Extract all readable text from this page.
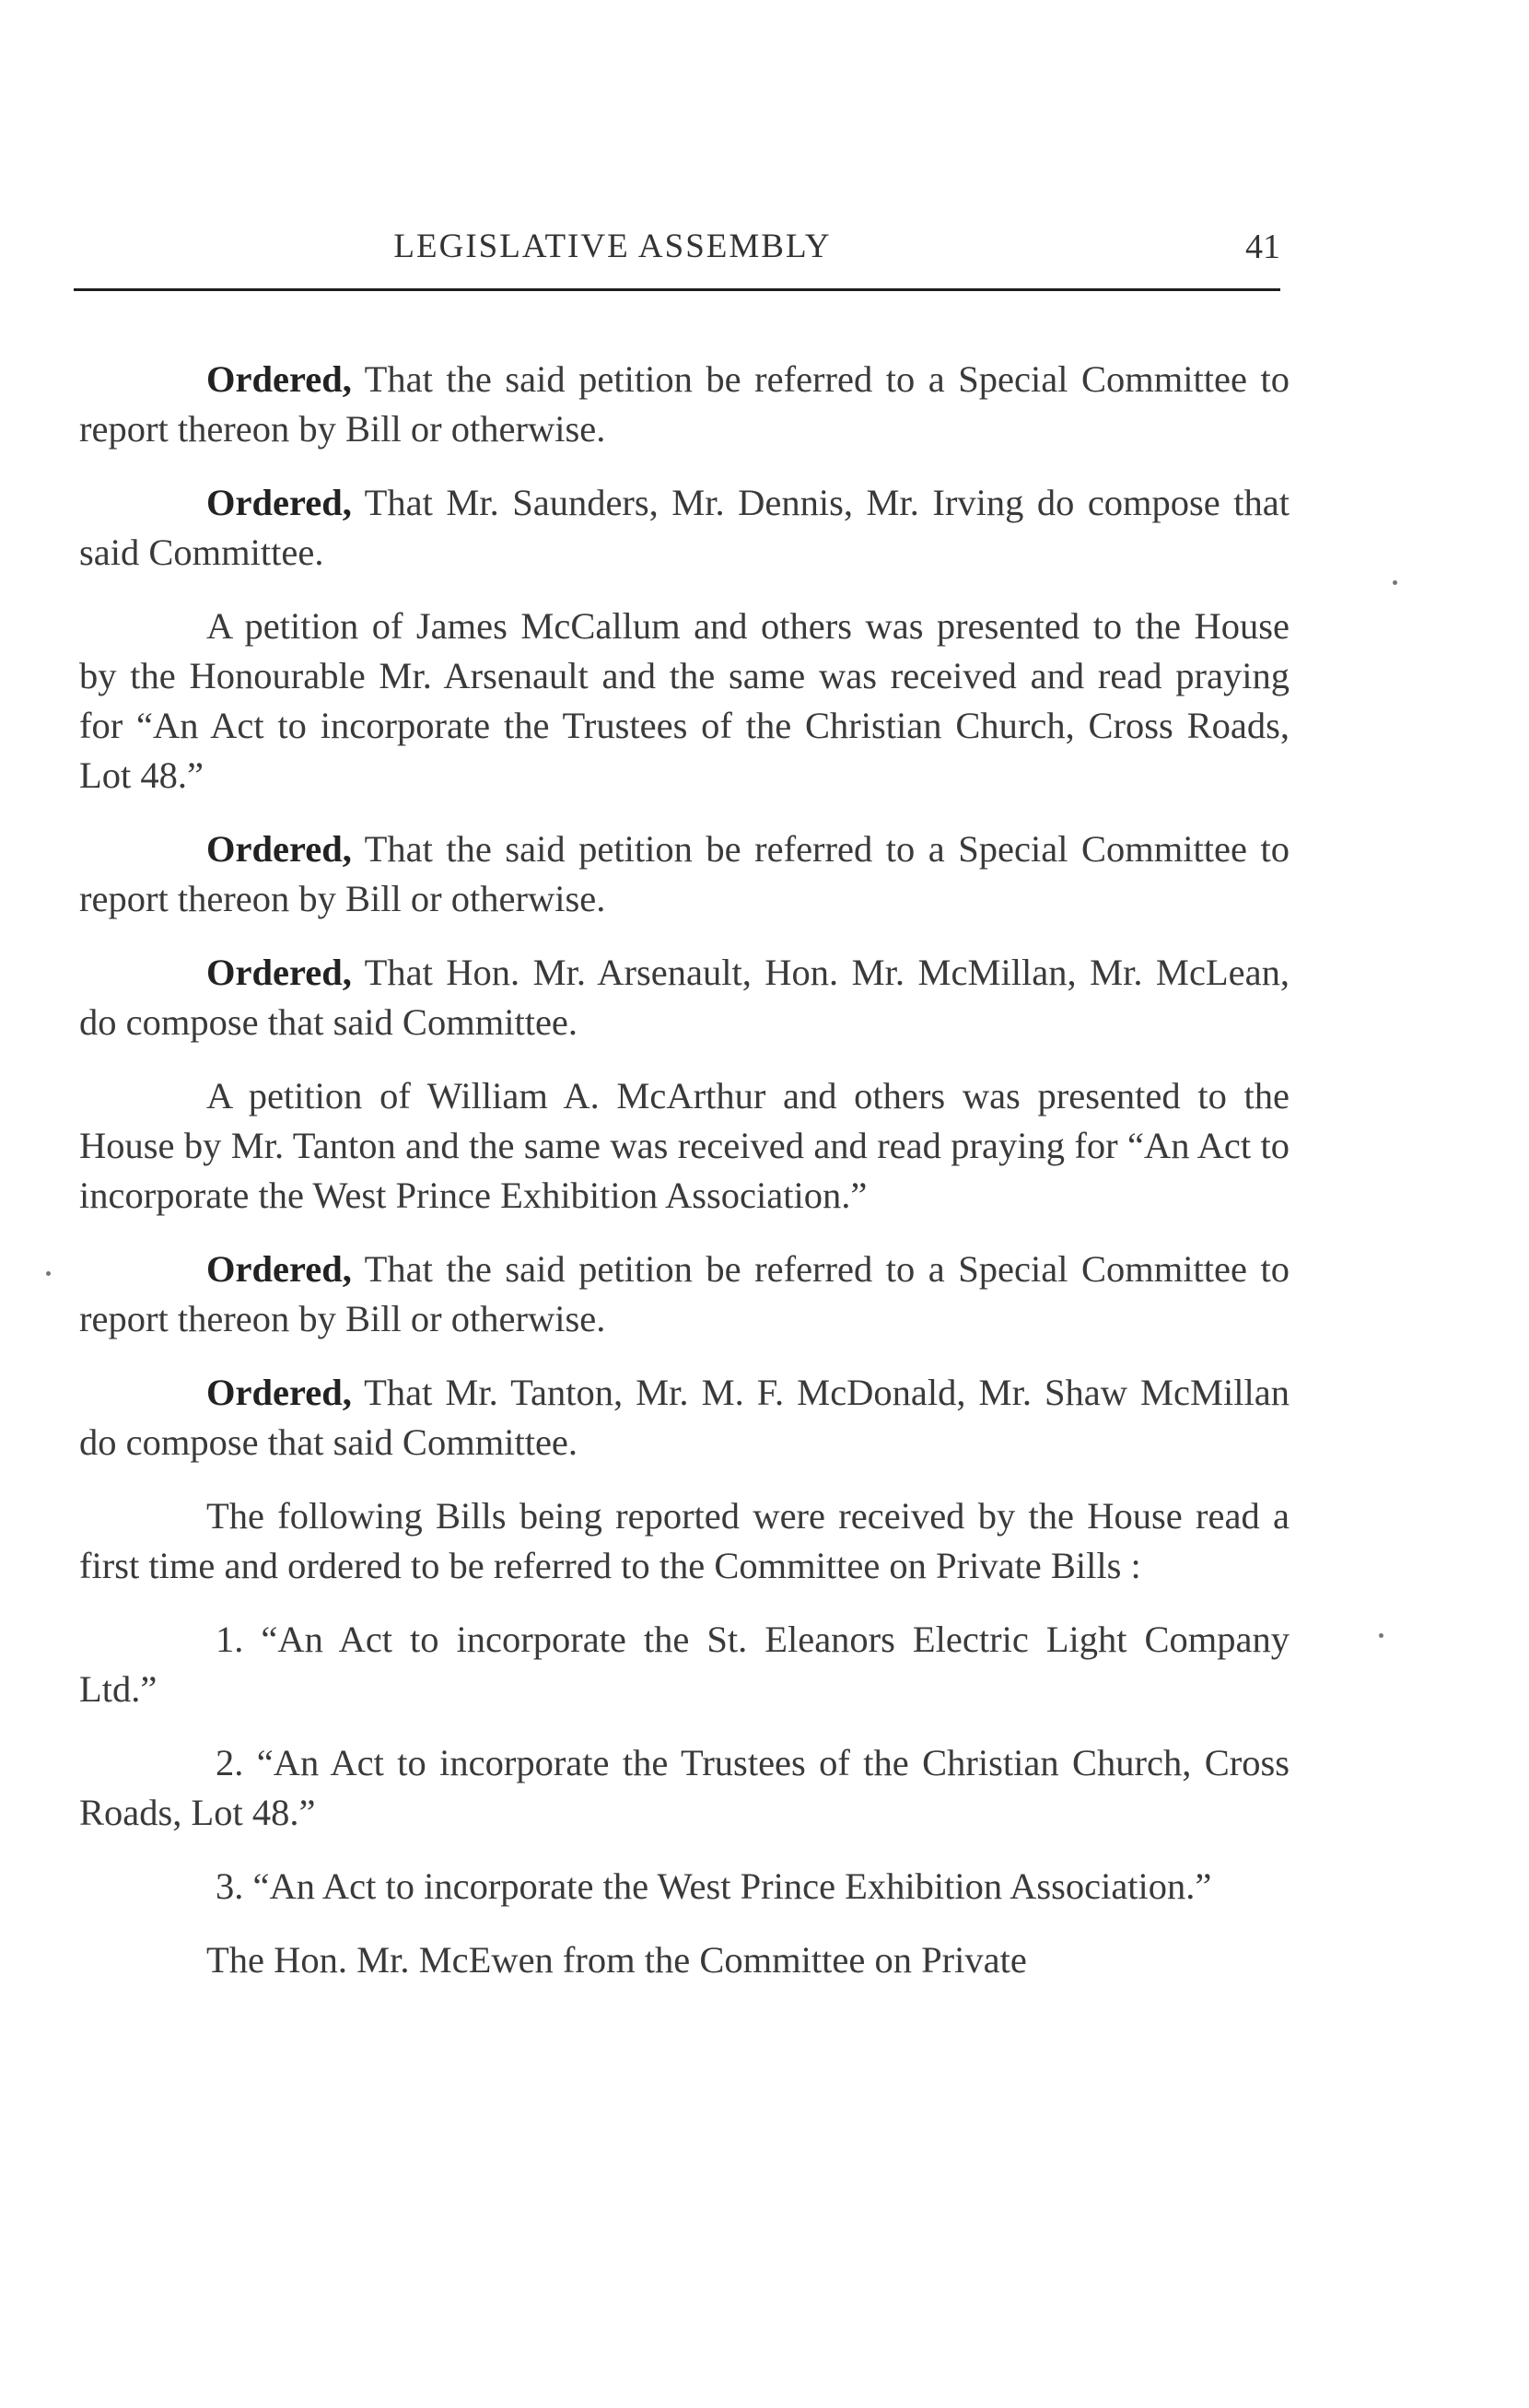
LEGISLATIVE ASSEMBLY	41

Ordered, That the said petition be referred to a Special Committee to report thereon by Bill or otherwise.

Ordered, That Mr. Saunders, Mr. Dennis, Mr. Irving do compose that said Committee.

A petition of James McCallum and others was presented to the House by the Honourable Mr. Arsenault and the same was received and read praying for “An Act to incorporate the Trustees of the Christian Church, Cross Roads, Lot 48.”

Ordered, That the said petition be referred to a Special Committee to report thereon by Bill or otherwise.

Ordered, That Hon. Mr. Arsenault, Hon. Mr. McMillan, Mr. McLean, do compose that said Committee.

A petition of William A. McArthur and others was presented to the House by Mr. Tanton and the same was received and read praying for “An Act to incorporate the West Prince Exhibition Association.”

Ordered, That the said petition be referred to a Special Committee to report thereon by Bill or otherwise.

Ordered, That Mr. Tanton, Mr. M. F. McDonald, Mr. Shaw McMillan do compose that said Committee.

The following Bills being reported were received by the House read a first time and ordered to be referred to the Committee on Private Bills :

1. “An Act to incorporate the St. Eleanors Electric Light Company Ltd.”

2. “An Act to incorporate the Trustees of the Christian Church, Cross Roads, Lot 48.”

3. “An Act to incorporate the West Prince Exhibition Association.”

The Hon. Mr. McEwen from the Committee on Private
